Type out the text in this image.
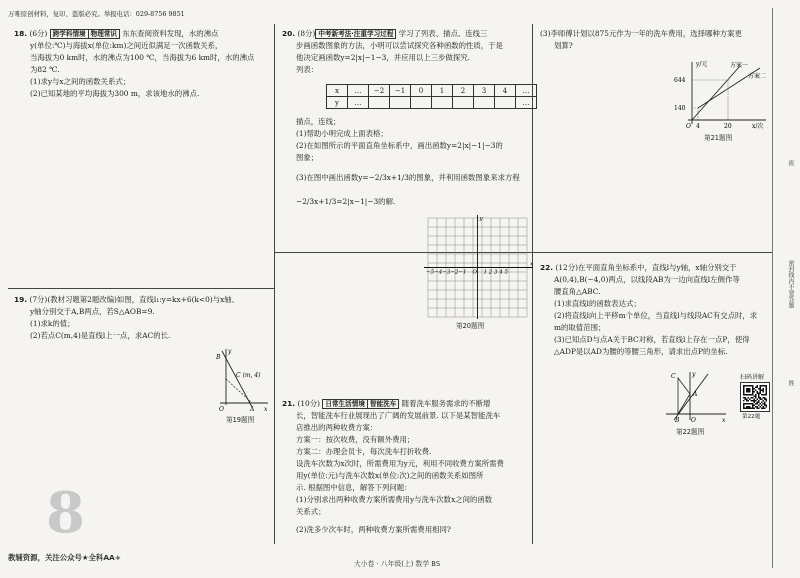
万唯原创材料，复印、盗版必究。举报电话：029-8756 9851
18. (6分) 跨学科情境 物理常识 东东查阅资料发现，水的沸点
y(单位:℃)与海拔x(单位:km)之间近似满足一次函数关系，
当海拔为0 km时，水的沸点为100 ℃，当海拔为6 km时，水的沸点
为82 ℃.
(1)求y与x之间的函数关系式；
(2)已知某地的平均海拔为300 m，求该地水的沸点.
19. (7分)(教材习题第2题改编)如图，直线l₁:y=kx+6(k<0)与x轴、
y轴分别交于A,B两点，若S△AOB=9.
(1)求k的值；
(2)若点C(m,4)是直线l上一点，求AC的长.
y
x
B
C (m, 4)
O	A
第19题图
8
20. (8分) 中考新考法·注重学习过程 学习了列表、描点、连线三
步画函数图象的方法，小明可以尝试探究各种函数的性质，于是
他决定画函数y=2|x|−1−3，并应用以上三步做探究.
列表：
x	…	−2	−1	0	1	2	3	4	…
y	…								…
描点，连线；
(1)帮助小明完成上面表格；
(2)在如图所示的平面直角坐标系中，画出函数y=2|x|−1|−3的
图象；
(3)在图中画出函数y=−2/3x+1/3的图象，并利用函数图象来求方程
−2/3x+1/3=2|x−1|−3的解.
y
x
O
−5−4−3−2−1	1 2 3 4 5
第20题图
21. (10分) 日常生活情境 智能洗车 随着洗车服务需求的不断增
长，智能洗车行业展现出了广阔的发展前景. 以下是某智能洗车
店推出的两种收费方案：
方案一：按次收费，没有额外费用；
方案二：办理会员卡，每次洗车打折收费.
设洗车次数为x次时，所需费用为y元，利用不同收费方案所需费
用y(单位:元)与洗车次数x(单位:次)之间的函数关系如图所
示. 根据图中信息，解答下列问题：
(1)分别求出两种收费方案所需费用y与洗车次数x之间的函数
关系式；
(2)洗多少次车时，两种收费方案所需费用相同?
(3)李师傅计划以875元作为一年的洗车费用，选择哪种方案更
划算?
y/元
x/次
644
140
O 4	20
方案一
方案二
第21题图
22. (12分)在平面直角坐标系中，直线l与y轴，x轴分别交于
A(0,4),B(−4,0)两点，以线段AB为一边向直线l左侧作等
腰直角△ABC.
(1)求直线l的函数表达式；
(2)将直线l向上平移m个单位，当直线l与线段AC有交点时，求
m的取值范围；
(3)已知点D与点A关于BC对称，若直线l上存在一点P，使得
△ADP是以AD为腰的等腰三角形，请求出点P的坐标.
C	y
A
x
B O
第22题图
扫码讲解
第22题
班
密封线内不要答题
姓
教辅资源，关注公众号★全科AA+
大小卷 · 八年级(上) 数学 BS
